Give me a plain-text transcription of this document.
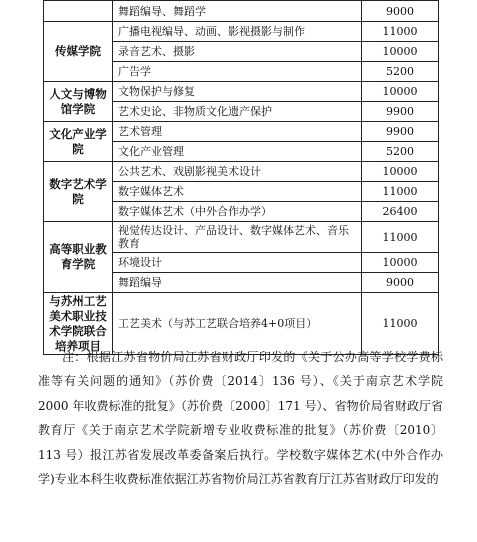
	舞蹈编导、舞蹈学	9000
传媒学院	广播电视编导、动画、影视摄影与制作	11000
	录音艺术、摄影	10000
	广告学	5200
人文与博物馆学院	文物保护与修复	10000
	艺术史论、非物质文化遗产保护	9900
文化产业学院	艺术管理	9900
	文化产业管理	5200
数字艺术学院	公共艺术、戏剧影视美术设计	10000
	数字媒体艺术	11000
	数字媒体艺术（中外合作办学）	26400
高等职业教育学院	视觉传达设计、产品设计、数字媒体艺术、音乐教育	11000
	环境设计	10000
	舞蹈编导	9000
与苏州工艺美术职业技术学院联合培养项目	工艺美术（与苏工艺联合培养4+0项目）	11000

注：根据江苏省物价局江苏省财政厅印发的《关于公办高等学校学费标准等有关问题的通知》（苏价费〔2014〕136 号）、《关于南京艺术学院 2000 年收费标准的批复》（苏价费〔2000〕171 号）、省物价局省财政厅省教育厅《关于南京艺术学院新增专业收费标准的批复》（苏价费〔2010〕113 号）报江苏省发展改革委备案后执行。学校数字媒体艺术(中外合作办学)专业本科生收费标准依据江苏省物价局江苏省教育厅江苏省财政厅印发的
